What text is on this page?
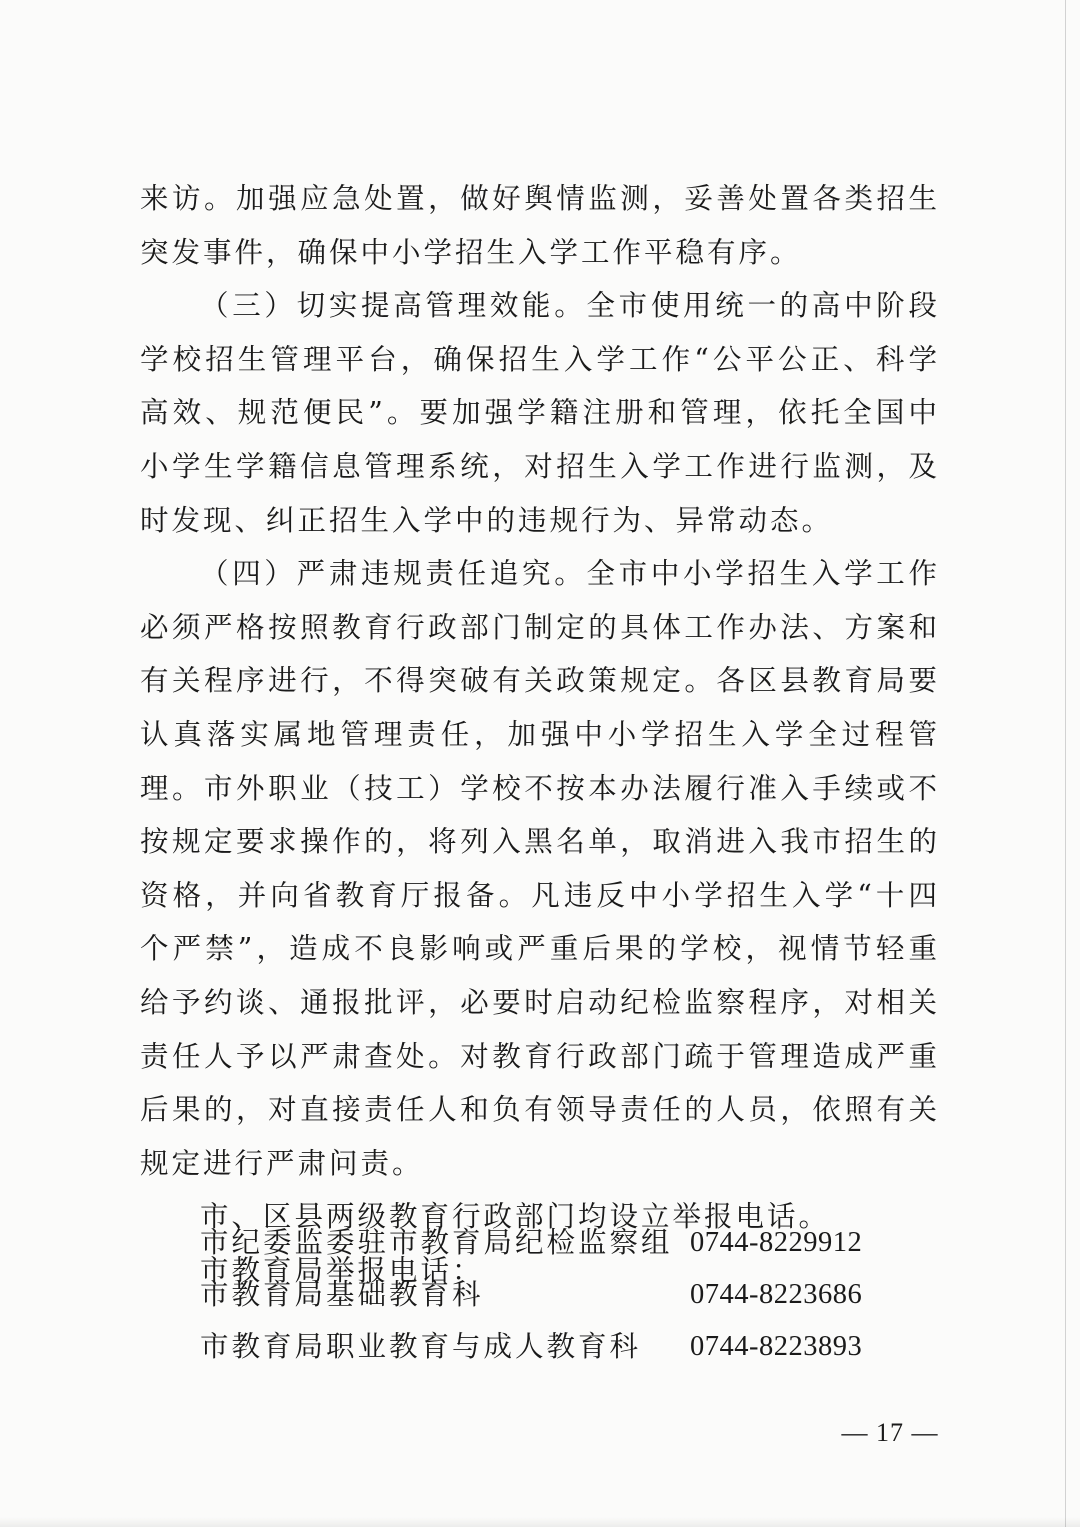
来访。加强应急处置，做好舆情监测，妥善处置各类招生突发事件，确保中小学招生入学工作平稳有序。

（三）切实提高管理效能。全市使用统一的高中阶段学校招生管理平台，确保招生入学工作“公平公正、科学高效、规范便民”。要加强学籍注册和管理，依托全国中小学生学籍信息管理系统，对招生入学工作进行监测，及时发现、纠正招生入学中的违规行为、异常动态。

（四）严肃违规责任追究。全市中小学招生入学工作必须严格按照教育行政部门制定的具体工作办法、方案和有关程序进行，不得突破有关政策规定。各区县教育局要认真落实属地管理责任，加强中小学招生入学全过程管理。市外职业（技工）学校不按本办法履行准入手续或不按规定要求操作的，将列入黑名单，取消进入我市招生的资格，并向省教育厅报备。凡违反中小学招生入学“十四个严禁”，造成不良影响或严重后果的学校，视情节轻重给予约谈、通报批评，必要时启动纪检监察程序，对相关责任人予以严肃查处。对教育行政部门疏于管理造成严重后果的，对直接责任人和负有领导责任的人员，依照有关规定进行严肃问责。

市、区县两级教育行政部门均设立举报电话。

市教育局举报电话：

市纪委监委驻市教育局纪检监察组 0744-8229912
市教育局基础教育科	0744-8223686
市教育局职业教育与成人教育科 0744-8223893
— 17 —
